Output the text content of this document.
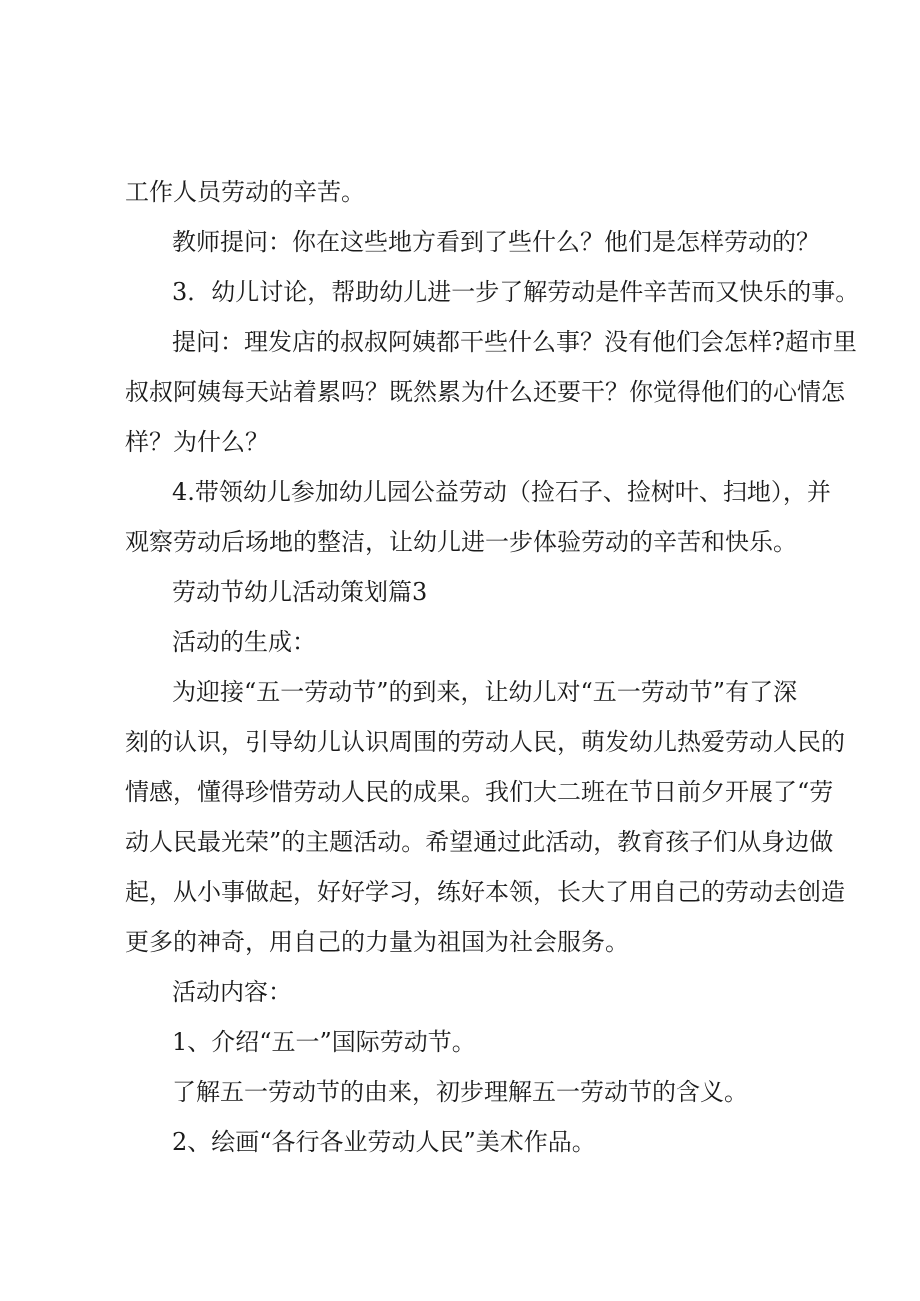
工作人员劳动的辛苦。
教师提问：你在这些地方看到了些什么？他们是怎样劳动的？
3．幼儿讨论，帮助幼儿进一步了解劳动是件辛苦而又快乐的事。
提问：理发店的叔叔阿姨都干些什么事？没有他们会怎样?超市里
叔叔阿姨每天站着累吗？既然累为什么还要干？你觉得他们的心情怎
样？为什么？
4.带领幼儿参加幼儿园公益劳动（捡石子、捡树叶、扫地），并
观察劳动后场地的整洁，让幼儿进一步体验劳动的辛苦和快乐。
劳动节幼儿活动策划篇3
活动的生成：
为迎接“五一劳动节”的到来，让幼儿对“五一劳动节”有了深
刻的认识，引导幼儿认识周围的劳动人民，萌发幼儿热爱劳动人民的
情感，懂得珍惜劳动人民的成果。我们大二班在节日前夕开展了“劳
动人民最光荣”的主题活动。希望通过此活动，教育孩子们从身边做
起，从小事做起，好好学习，练好本领，长大了用自己的劳动去创造
更多的神奇，用自己的力量为祖国为社会服务。
活动内容：
1、介绍“五一”国际劳动节。
了解五一劳动节的由来，初步理解五一劳动节的含义。
2、绘画“各行各业劳动人民”美术作品。
